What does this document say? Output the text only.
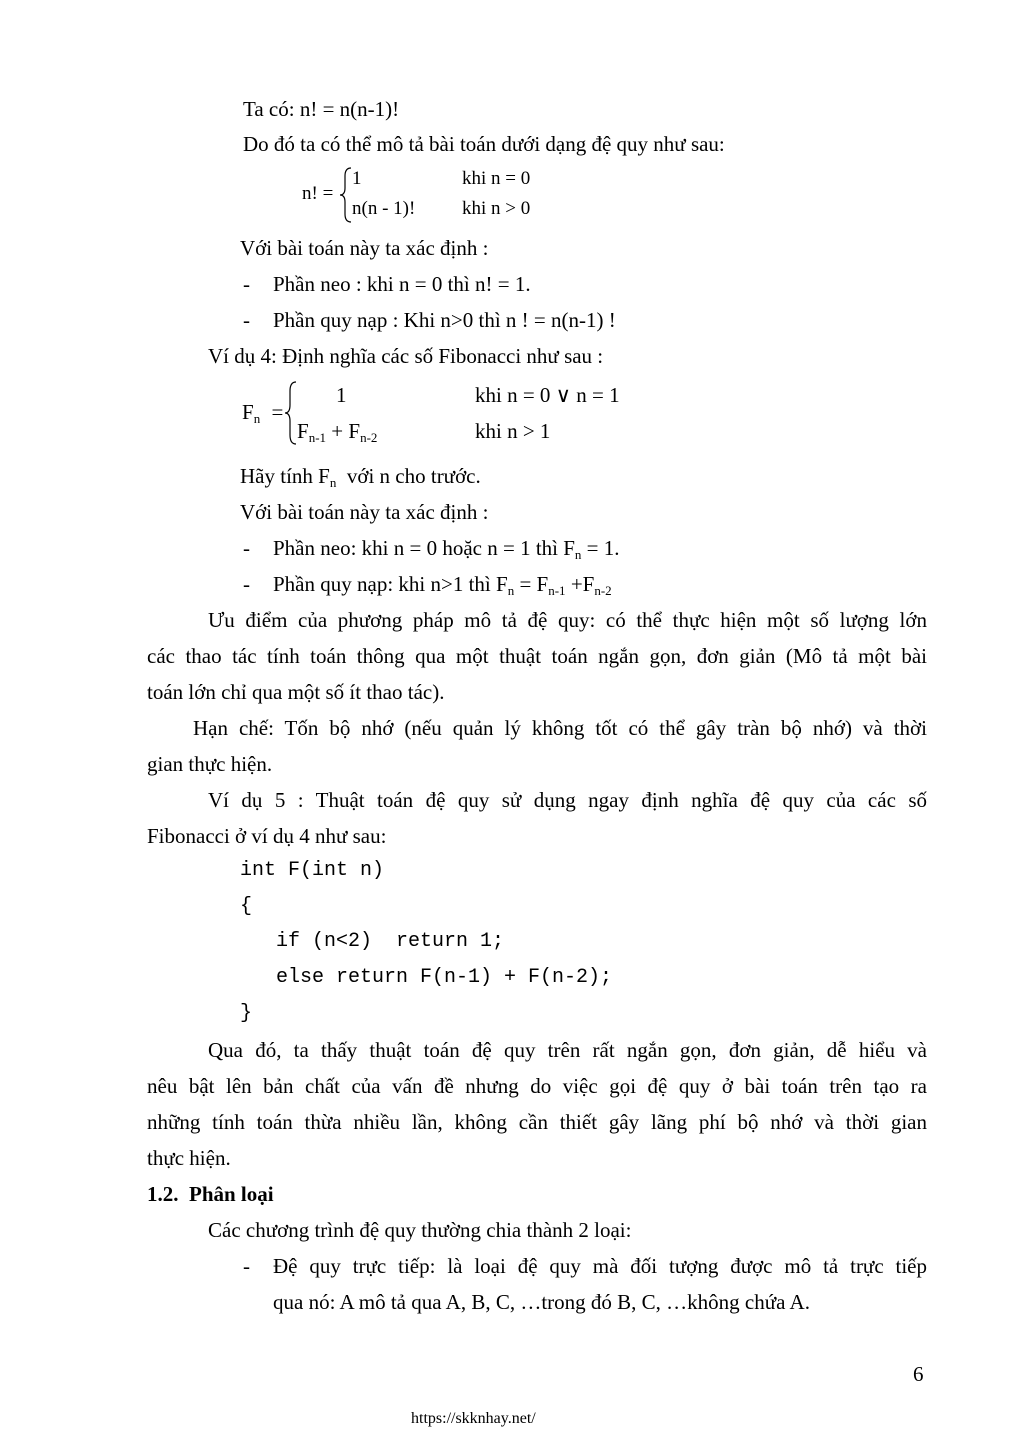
Ta có: n! = n(n-1)!
Do đó ta có thể mô tả bài toán dưới dạng đệ quy như sau:
n! =
1	khi n = 0
n(n - 1)! khi n > 0
Với bài toán này ta xác định :
- Phần neo : khi n = 0 thì n! = 1.
- Phần quy nạp : Khi n>0 thì n ! = n(n-1) !
Ví dụ 4: Định nghĩa các số Fibonacci như sau :
$F_n$ =
1	khi n = 0 ∨ n = 1
$F_{n-1} + F_{n-2}$	khi n > 1
Hãy tính $F_n$ với n cho trước.
Với bài toán này ta xác định :
- Phần neo: khi n = 0 hoặc n = 1 thì $F_n = 1$.
- Phần quy nạp: khi n>1 thì $F_n = F_{n-1} +F_{n-2}$
Ưu điểm của phương pháp mô tả đệ quy: có thể thực hiện một số lượng lớn
các thao tác tính toán thông qua một thuật toán ngắn gọn, đơn giản (Mô tả một bài
toán lớn chỉ qua một số ít thao tác).
Hạn chế: Tốn bộ nhớ (nếu quản lý không tốt có thể gây tràn bộ nhớ) và thời
gian thực hiện.
Ví dụ 5 : Thuật toán đệ quy sử dụng ngay định nghĩa đệ quy của các số
Fibonacci ở ví dụ 4 như sau:
int F(int n)
{
if (n<2)  return 1;
else return F(n-1) + F(n-2);
}
Qua đó, ta thấy thuật toán đệ quy trên rất ngắn gọn, đơn giản, dễ hiểu và
nêu bật lên bản chất của vấn đề nhưng do việc gọi đệ quy ở bài toán trên tạo ra
những tính toán thừa nhiều lần, không cần thiết gây lãng phí bộ nhớ và thời gian
thực hiện.
1.2.  Phân loại
Các chương trình đệ quy thường chia thành 2 loại:
- Đệ quy trực tiếp: là loại đệ quy mà đối tượng được mô tả trực tiếp
qua nó: A mô tả qua A, B, C, …trong đó B, C, …không chứa A.
6
https://skknhay.net/
